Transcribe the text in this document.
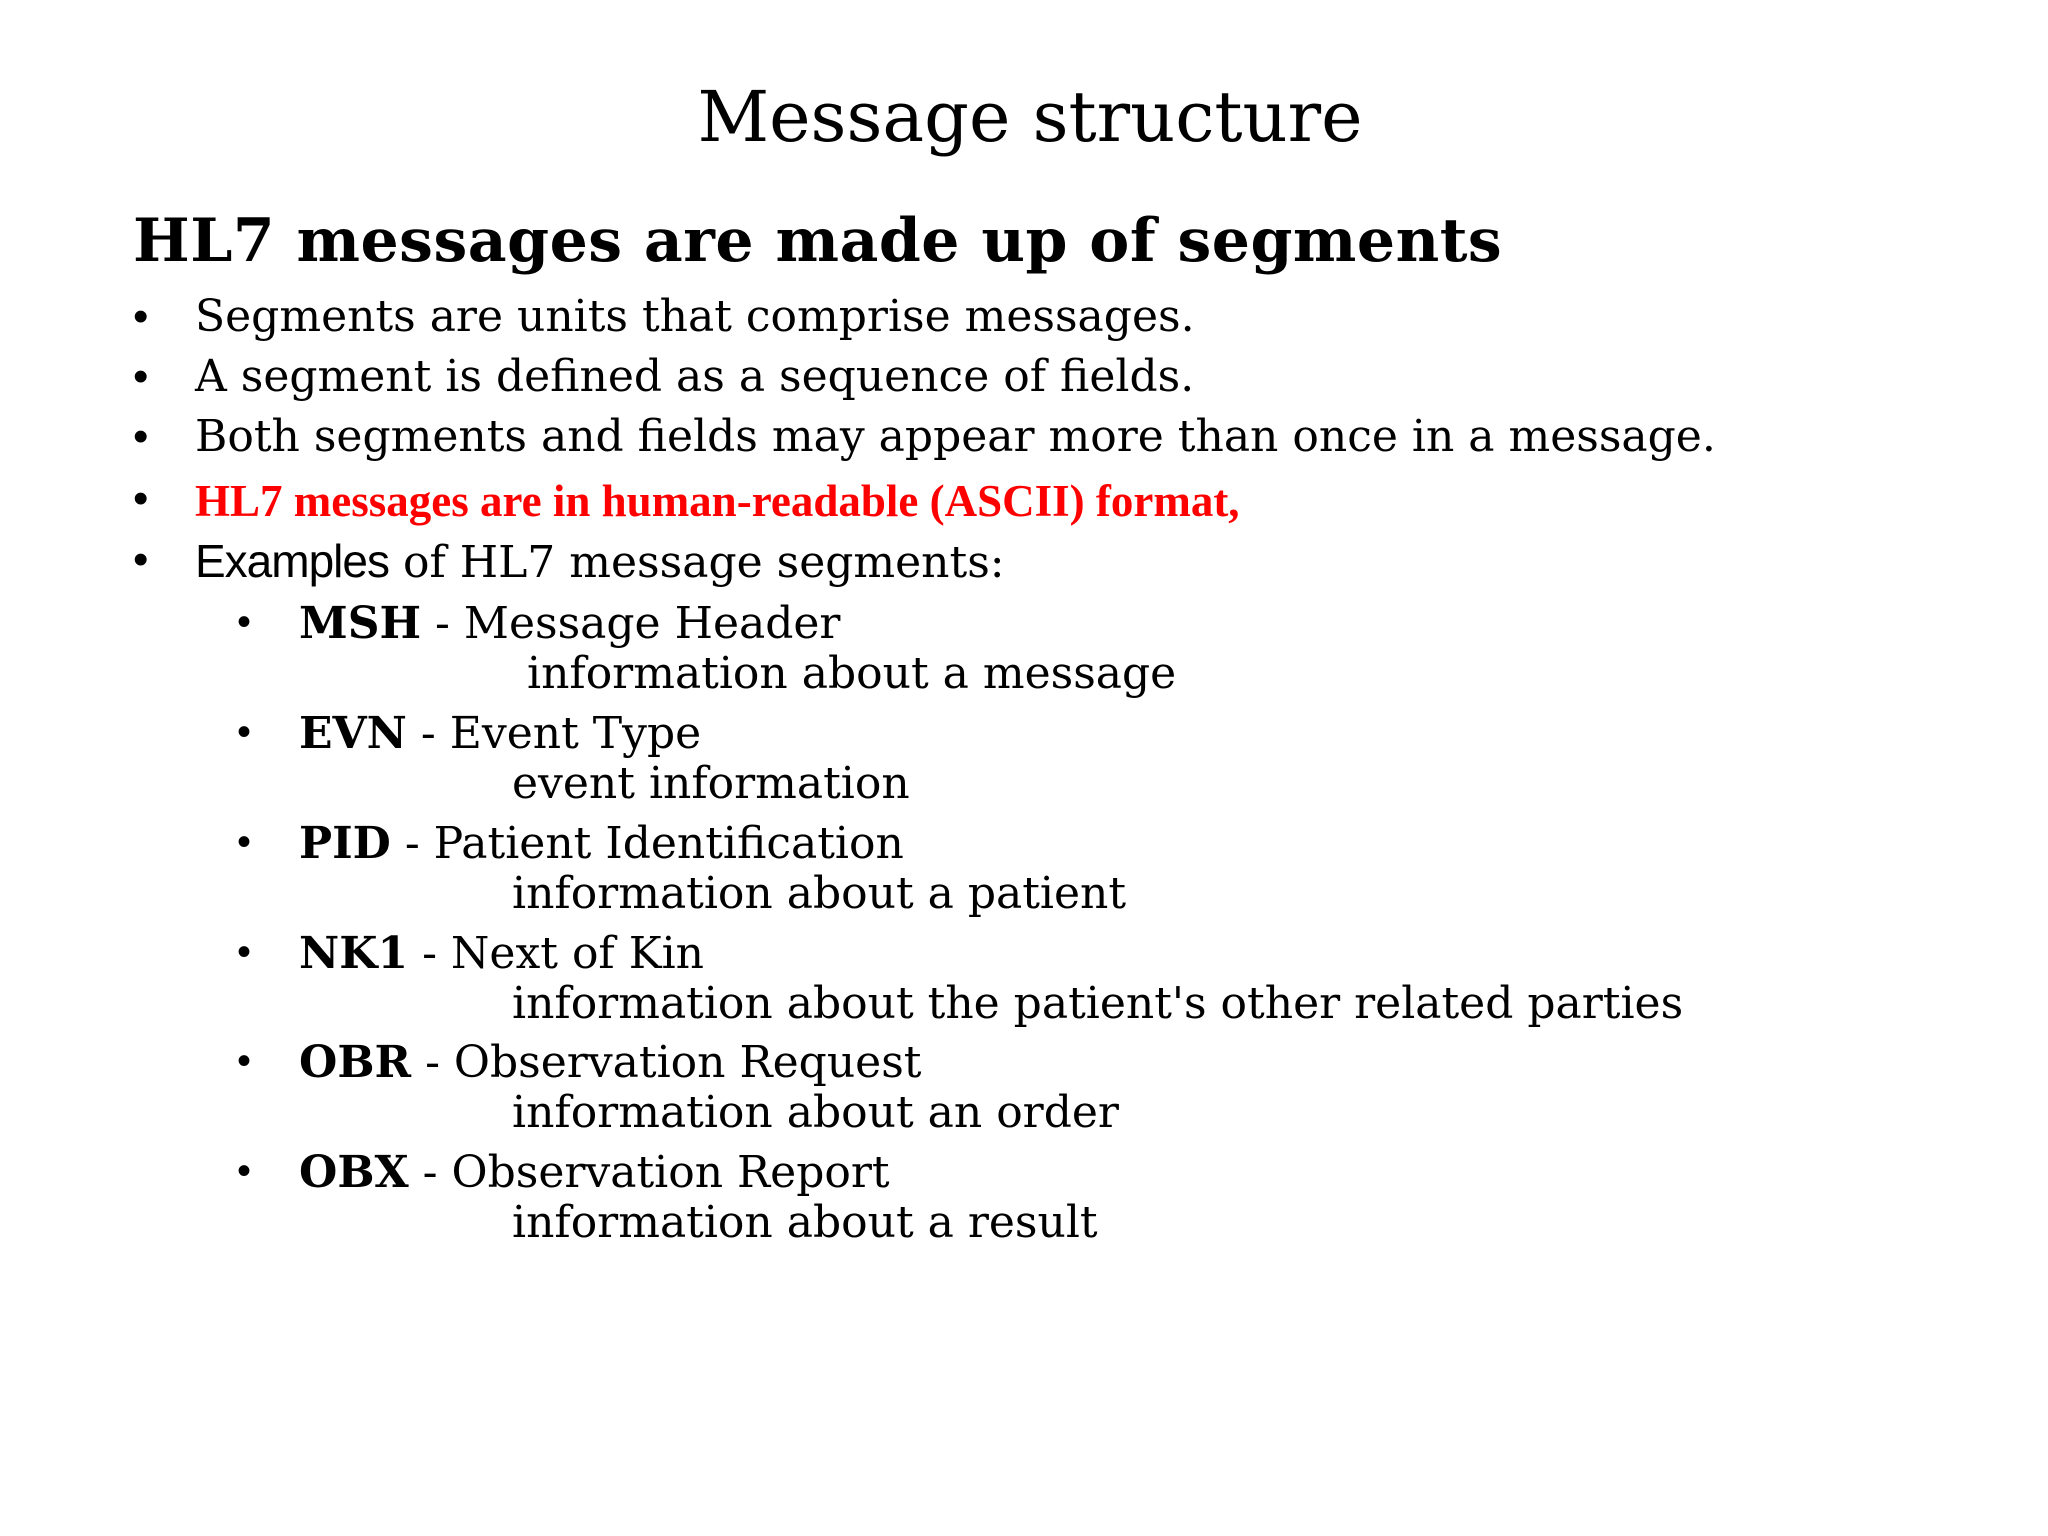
Message structure
HL7 messages are made up of segments
• Segments are units that comprise messages.
• A segment is defined as a sequence of fields.
• Both segments and fields may appear more than once in a message.
• HL7 messages are in human-readable (ASCII) format,
• Examples of HL7 message segments:
• MSH - Message Header
information about a message
• EVN - Event Type
event information
• PID - Patient Identification
information about a patient
• NK1 - Next of Kin
information about the patient's other related parties
• OBR - Observation Request
information about an order
• OBX - Observation Report
information about a result
